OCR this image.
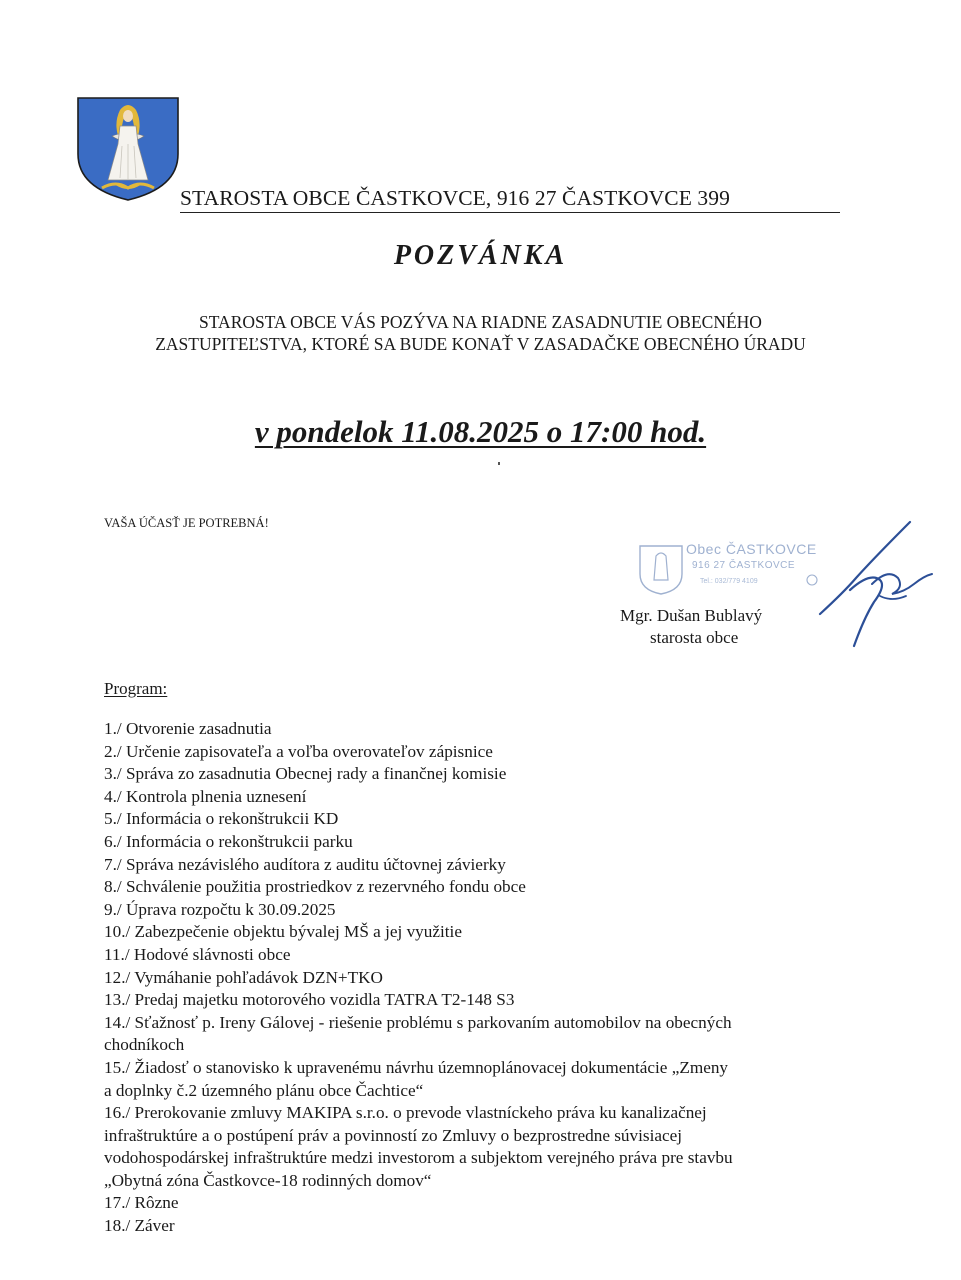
STAROSTA OBCE ČASTKOVCE, 916 27 ČASTKOVCE 399
POZVÁNKA
STAROSTA OBCE VÁS POZÝVA NA RIADNE ZASADNUTIE OBECNÉHO
ZASTUPITEĽSTVA, KTORÉ SA BUDE KONAŤ V ZASADAČKE OBECNÉHO ÚRADU
v pondelok 11.08.2025 o 17:00 hod.
VAŠA ÚČASŤ JE POTREBNÁ!
Obec ČASTKOVCE
916 27 ČASTKOVCE
Tel.: 032/779 4109
Mgr. Dušan Bublavý
starosta obce
Program:
1./ Otvorenie zasadnutia
2./ Určenie zapisovateľa a voľba overovateľov zápisnice
3./ Správa zo zasadnutia Obecnej rady a finančnej komisie
4./ Kontrola plnenia uznesení
5./ Informácia o rekonštrukcii KD
6./ Informácia o rekonštrukcii parku
7./ Správa nezávislého audítora z auditu účtovnej závierky
8./ Schválenie použitia prostriedkov z rezervného fondu obce
9./ Úprava rozpočtu k 30.09.2025
10./ Zabezpečenie objektu bývalej MŠ a jej využitie
11./ Hodové slávnosti obce
12./ Vymáhanie pohľadávok DZN+TKO
13./ Predaj majetku motorového vozidla TATRA T2-148 S3
14./ Sťažnosť p. Ireny Gálovej - riešenie problému s parkovaním automobilov na obecných
chodníkoch
15./ Žiadosť o stanovisko k upravenému návrhu územnoplánovacej dokumentácie „Zmeny
a doplnky č.2 územného plánu obce Čachtice“
16./ Prerokovanie zmluvy MAKIPA s.r.o. o prevode vlastníckeho práva ku kanalizačnej
infraštruktúre a o postúpení práv a povinností zo Zmluvy o bezprostredne súvisiacej
vodohospodárskej infraštruktúre medzi investorom a subjektom verejného práva pre stavbu
„Obytná zóna Častkovce-18 rodinných domov“
17./ Rôzne
18./ Záver
